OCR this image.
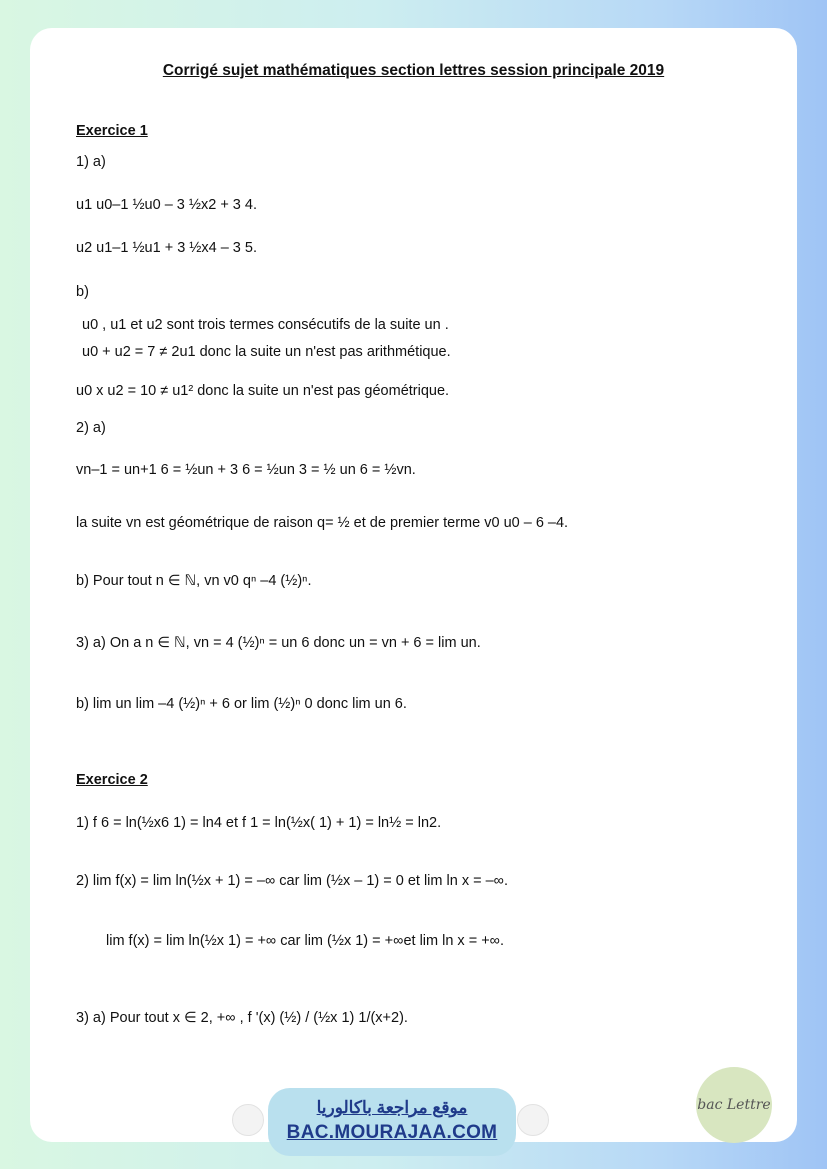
Corrigé sujet mathématiques section lettres session principale 2019
Exercice 1
1) a)
u1 u0–1 ½u0 – 3 ½x2 + 3 4.
u2 u1–1 ½u1 + 3 ½x4 – 3 5.
b)
u0 , u1 et u2 sont trois termes consécutifs de la suite un .
u0 + u2 = 7 ≠ 2u1 donc la suite un n'est pas arithmétique.
u0 x u2 = 10 ≠ u1² donc la suite un n'est pas géométrique.
2) a)
vn–1 = un+1 6 = ½un + 3 6 = ½un 3 = ½ un 6 = ½vn.
la suite vn est géométrique de raison q= ½ et de premier terme v0 u0 – 6 –4.
b) Pour tout n ∈ ℕ, vn v0 qⁿ –4 (½)ⁿ.
3) a) On a n ∈ ℕ, vn = 4 (½)ⁿ = un 6 donc un = vn + 6 = lim un.
b) lim un lim –4 (½)ⁿ + 6 or lim (½)ⁿ 0 donc lim un 6.
Exercice 2
1) f 6 = ln(½x6 1) = ln4 et f 1 = ln(½x( 1) + 1) = ln½ = ln2.
2) lim f(x) = lim ln(½x + 1) = –∞ car lim (½x – 1) = 0 et lim ln x = –∞.
lim f(x) = lim ln(½x 1) = +∞ car lim (½x 1) = +∞et lim ln x = +∞.
3) a) Pour tout x ∈ 2, +∞ , f '(x) (½) / (½x 1) 1/(x+2).
موقع مراجعة باكالوريا
BAC.MOURAJAA.COM
bac Lettre
